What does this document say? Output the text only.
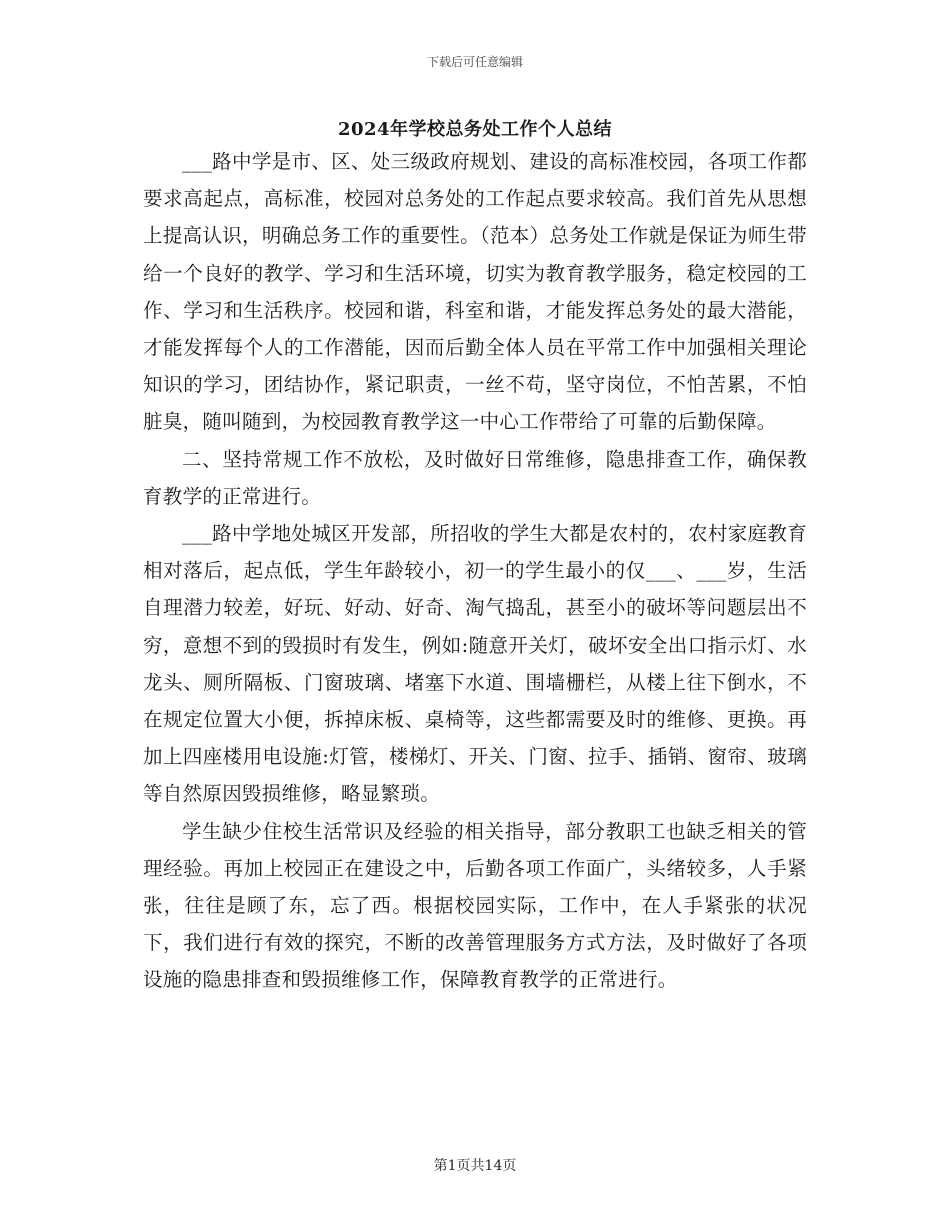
下载后可任意编辑
2024年学校总务处工作个人总结

___路中学是市、区、处三级政府规划、建设的高标准校园，各项工作都要求高起点，高标准，校园对总务处的工作起点要求较高。我们首先从思想上提高认识，明确总务工作的重要性。（范本）总务处工作就是保证为师生带给一个良好的教学、学习和生活环境，切实为教育教学服务，稳定校园的工作、学习和生活秩序。校园和谐，科室和谐，才能发挥总务处的最大潜能，才能发挥每个人的工作潜能，因而后勤全体人员在平常工作中加强相关理论知识的学习，团结协作，紧记职责，一丝不苟，坚守岗位，不怕苦累，不怕脏臭，随叫随到，为校园教育教学这一中心工作带给了可靠的后勤保障。

二、坚持常规工作不放松，及时做好日常维修，隐患排查工作，确保教育教学的正常进行。

___路中学地处城区开发部，所招收的学生大都是农村的，农村家庭教育相对落后，起点低，学生年龄较小，初一的学生最小的仅___、___岁，生活自理潜力较差，好玩、好动、好奇、淘气捣乱，甚至小的破坏等问题层出不穷，意想不到的毁损时有发生，例如:随意开关灯，破坏安全出口指示灯、水龙头、厕所隔板、门窗玻璃、堵塞下水道、围墙栅栏，从楼上往下倒水，不在规定位置大小便，拆掉床板、桌椅等，这些都需要及时的维修、更换。再加上四座楼用电设施:灯管，楼梯灯、开关、门窗、拉手、插销、窗帘、玻璃等自然原因毁损维修，略显繁琐。

学生缺少住校生活常识及经验的相关指导，部分教职工也缺乏相关的管理经验。再加上校园正在建设之中，后勤各项工作面广，头绪较多，人手紧张，往往是顾了东，忘了西。根据校园实际，工作中，在人手紧张的状况下，我们进行有效的探究，不断的改善管理服务方式方法，及时做好了各项设施的隐患排查和毁损维修工作，保障教育教学的正常进行。

第1页共14页
